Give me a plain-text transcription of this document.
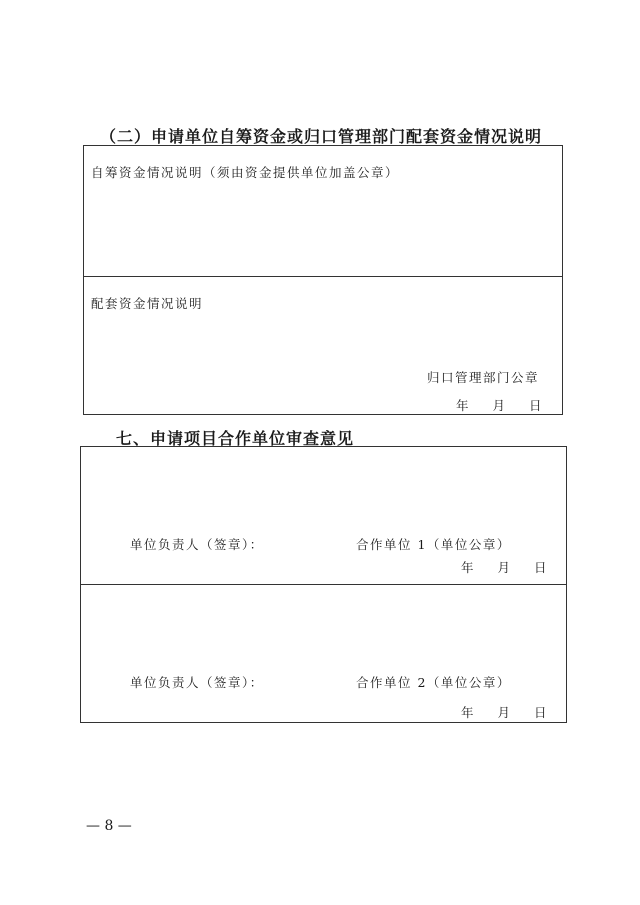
（二）申请单位自筹资金或归口管理部门配套资金情况说明
自筹资金情况说明（须由资金提供单位加盖公章）
配套资金情况说明
归口管理部门公章
年 月 日
七、申请项目合作单位审查意见
单位负责人（签章）：	合作单位 1（单位公章）
年 月 日
单位负责人（签章）：	合作单位 2（单位公章）
年 月 日
— 8 —
